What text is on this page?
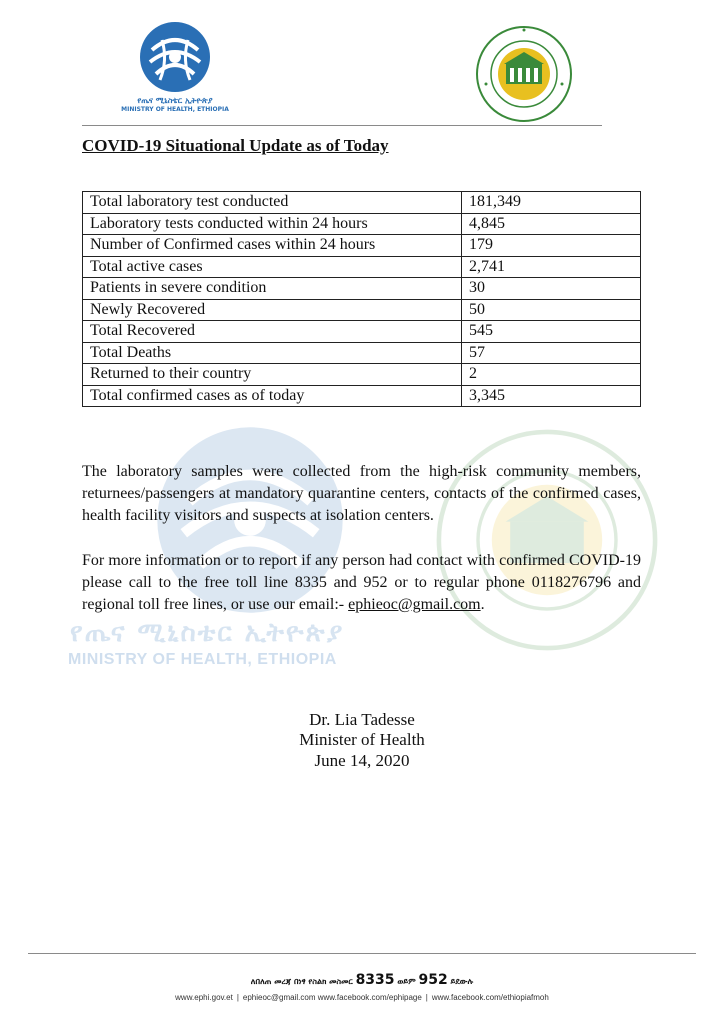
የጤና ሚኒስቴር ኢትዮጵያ
MINISTRY OF HEALTH, ETHIOPIA
የጤና ሚኒስቴር ኢትዮጵያ
MINISTRY OF HEALTH, ETHIOPIA
COVID-19 Situational Update as of Today
Total laboratory test conducted	181,349
Laboratory tests conducted within 24 hours	4,845
Number of Confirmed cases within 24 hours	179
Total active cases	2,741
Patients in severe condition	30
Newly Recovered	50
Total Recovered	545
Total Deaths	57
Returned to their country	2
Total confirmed cases as of today	3,345

The laboratory samples were collected from the high-risk community members, returnees/passengers at mandatory quarantine centers, contacts of the confirmed cases, health facility visitors and suspects at isolation centers.

For more information or to report if any person had contact with confirmed COVID-19 please call to the free toll line 8335 and 952 or to regular phone 0118276796 and regional toll free lines, or use our email:- ephieoc@gmail.com.

Dr. Lia Tadesse
Minister of Health
June 14, 2020
ለበለጠ መረጃ በነፃ የስልክ መስመር 8335 ወይም 952 ይደውሉ
www.ephi.gov.et | ephieoc@gmail.com www.facebook.com/ephipage | www.facebook.com/ethiopiafmoh
